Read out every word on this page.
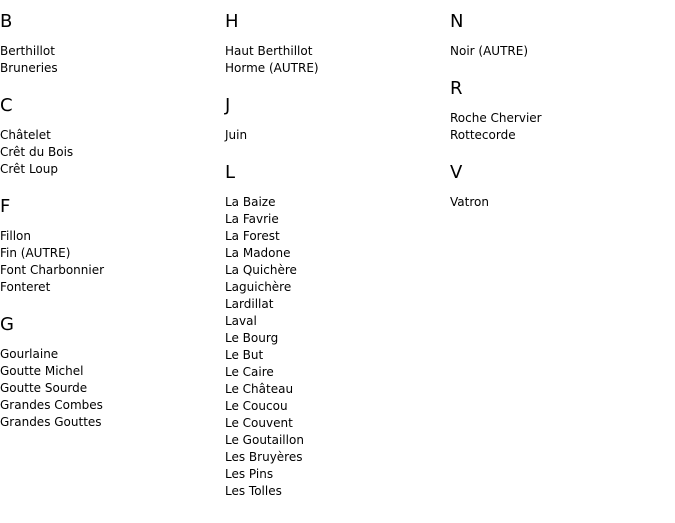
B
Berthillot
Bruneries
C
Châtelet
Crêt du Bois
Crêt Loup
F
Fillon
Fin (AUTRE)
Font Charbonnier
Fonteret
G
Gourlaine
Goutte Michel
Goutte Sourde
Grandes Combes
Grandes Gouttes
H
Haut Berthillot
Horme (AUTRE)
J
Juin
L
La Baize
La Favrie
La Forest
La Madone
La Quichère
Laguichère
Lardillat
Laval
Le Bourg
Le But
Le Caire
Le Château
Le Coucou
Le Couvent
Le Goutaillon
Les Bruyères
Les Pins
Les Tolles
N
Noir (AUTRE)
R
Roche Chervier
Rottecorde
V
Vatron
